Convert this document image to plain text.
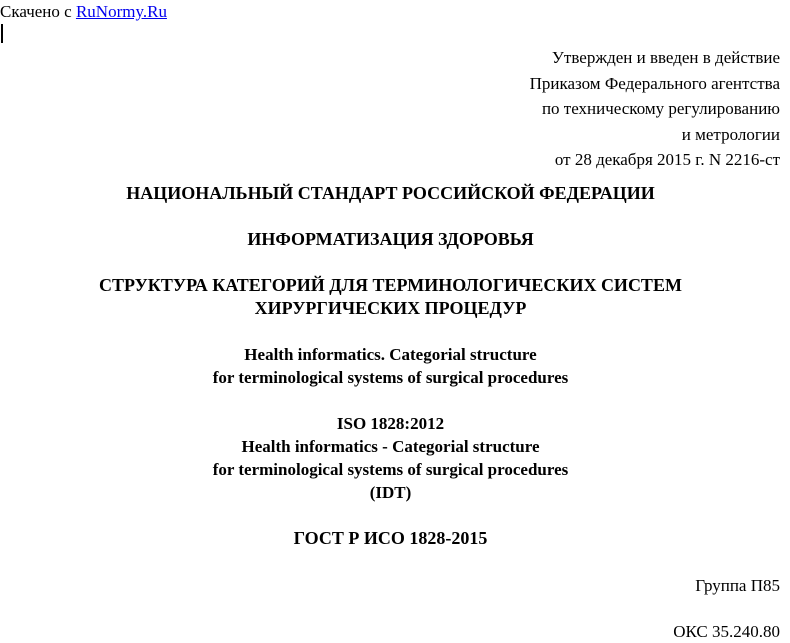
Скачено с RuNormy.Ru
Утвержден и введен в действие
Приказом Федерального агентства
по техническому регулированию
и метрологии
от 28 декабря 2015 г. N 2216-ст
НАЦИОНАЛЬНЫЙ СТАНДАРТ РОССИЙСКОЙ ФЕДЕРАЦИИ
ИНФОРМАТИЗАЦИЯ ЗДОРОВЬЯ
СТРУКТУРА КАТЕГОРИЙ ДЛЯ ТЕРМИНОЛОГИЧЕСКИХ СИСТЕМ
ХИРУРГИЧЕСКИХ ПРОЦЕДУР
Health informatics. Categorial structure
for terminological systems of surgical procedures
ISO 1828:2012
Health informatics - Categorial structure
for terminological systems of surgical procedures
(IDT)
ГОСТ Р ИСО 1828-2015
Группа П85
ОКС 35.240.80
